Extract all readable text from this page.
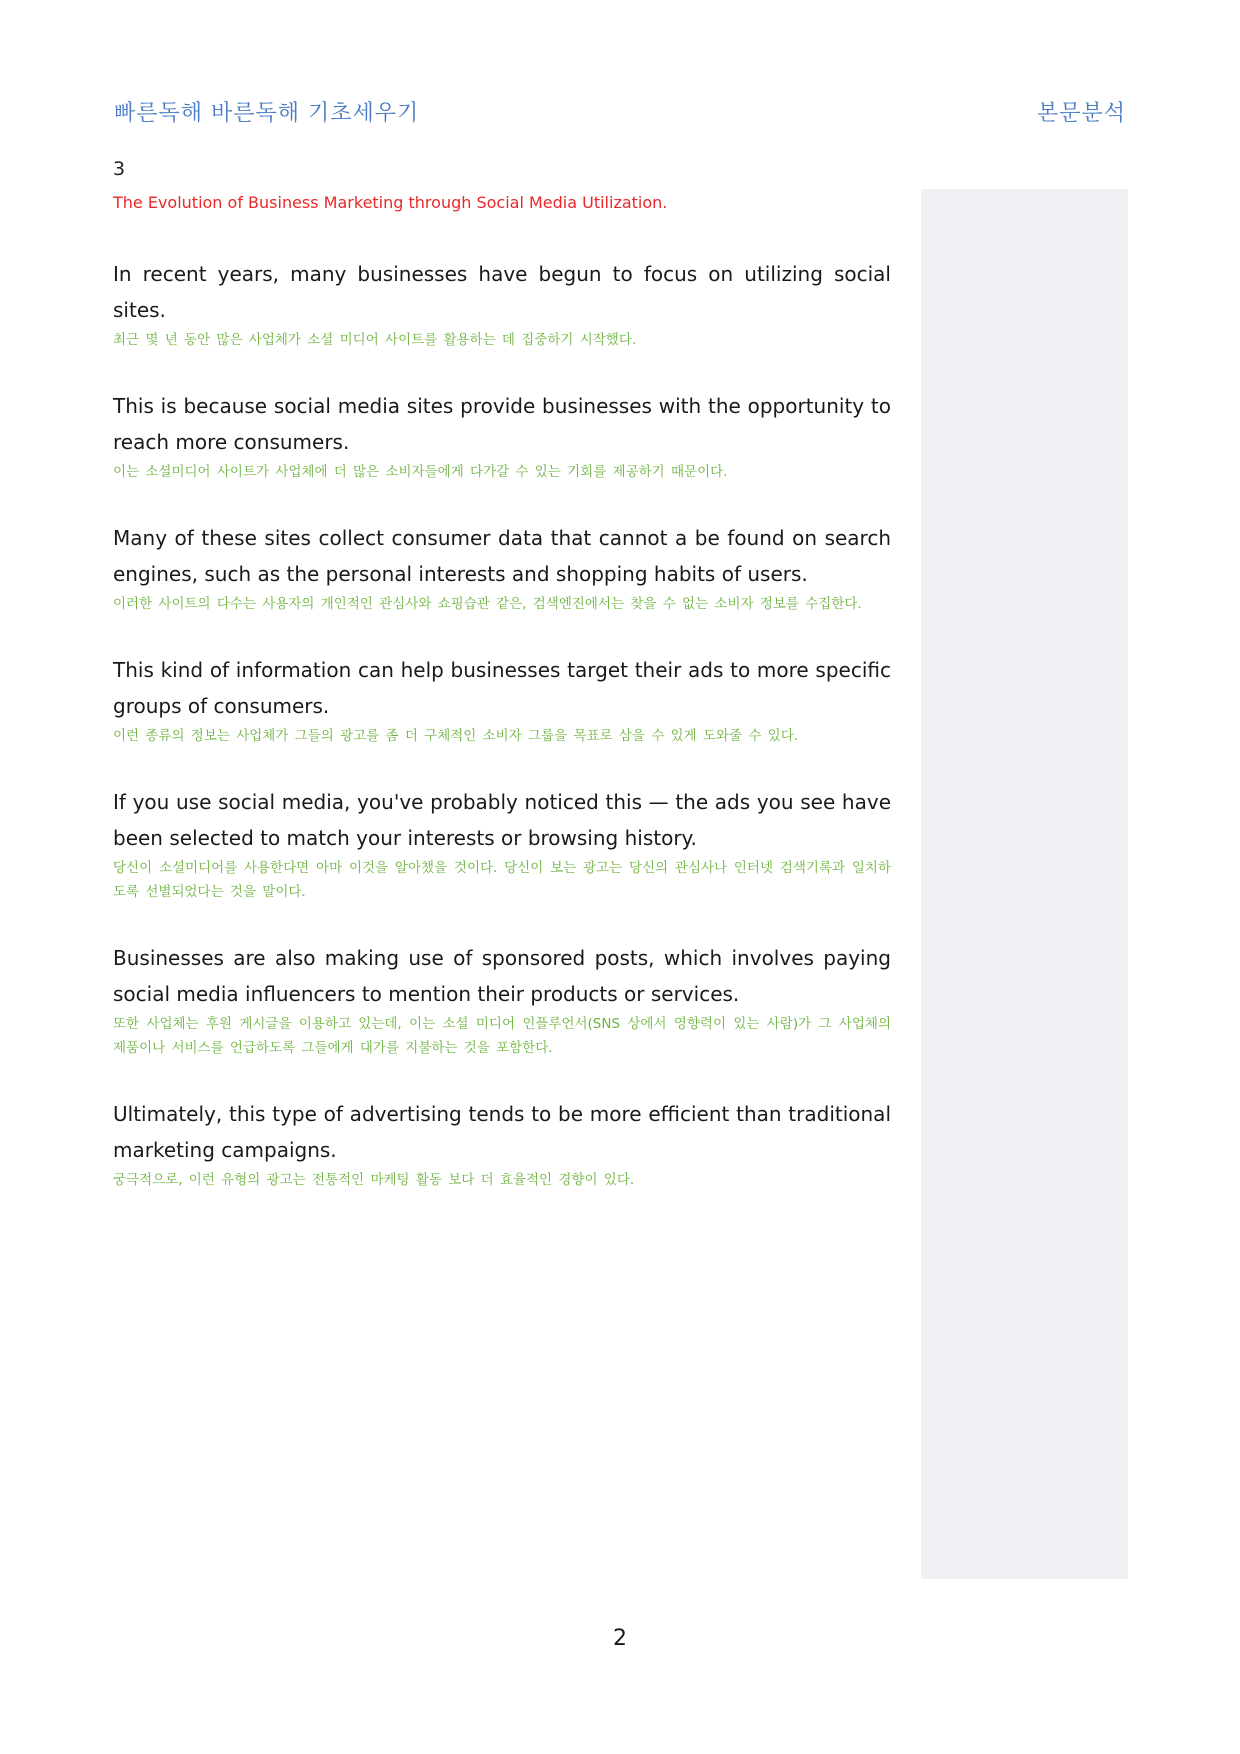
빠른독해 바른독해 기초세우기	본문분석

3

The Evolution of Business Marketing through Social Media Utilization.

In recent years, many businesses have begun to focus on utilizing social sites.

최근 몇 년 동안 많은 사업체가 소셜 미디어 사이트를 활용하는 데 집중하기 시작했다.

This is because social media sites provide businesses with the opportunity to reach more consumers.

이는 소셜미디어 사이트가 사업체에 더 많은 소비자들에게 다가갈 수 있는 기회를 제공하기 때문이다.

Many of these sites collect consumer data that cannot a be found on search engines, such as the personal interests and shopping habits of users.

이러한 사이트의 다수는 사용자의 개인적인 관심사와 쇼핑습관 같은, 검색엔진에서는 찾을 수 없는 소비자 정보를 수집한다.

This kind of information can help businesses target their ads to more specific groups of consumers.

이런 종류의 정보는 사업체가 그들의 광고를 좀 더 구체적인 소비자 그룹을 목표로 삼을 수 있게 도와줄 수 있다.

If you use social media, you've probably noticed this — the ads you see have been selected to match your interests or browsing history.

당신이 소셜미디어를 사용한다면 아마 이것을 알아챘을 것이다. 당신이 보는 광고는 당신의 관심사나 인터넷 검색기록과 일치하도록 선별되었다는 것을 말이다.

Businesses are also making use of sponsored posts, which involves paying social media influencers to mention their products or services.

또한 사업체는 후원 게시글을 이용하고 있는데, 이는 소셜 미디어 인플루언서(SNS 상에서 영향력이 있는 사람)가 그 사업체의 제품이나 서비스를 언급하도록 그들에게 대가를 지불하는 것을 포함한다.

Ultimately, this type of advertising tends to be more efficient than traditional marketing campaigns.

궁극적으로, 이런 유형의 광고는 전통적인 마케팅 활동 보다 더 효율적인 경향이 있다.

2
